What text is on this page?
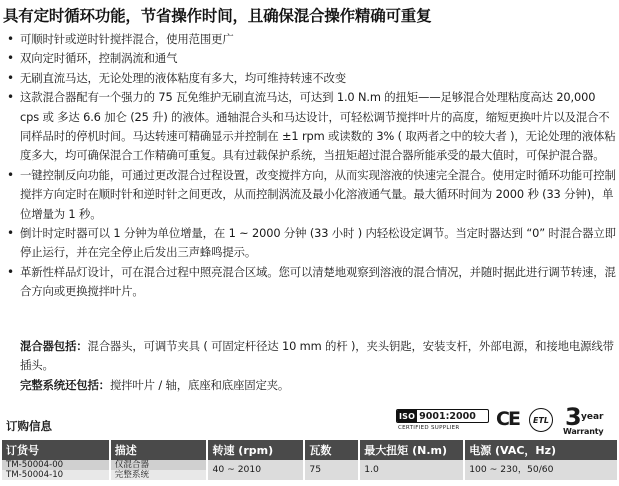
具有定时循环功能，节省操作时间，且确保混合操作精确可重复
• 可顺时针或逆时针搅拌混合，使用范围更广
• 双向定时循环，控制涡流和通气
• 无刷直流马达，无论处理的液体粘度有多大，均可维持转速不改变
• 这款混合器配有一个强力的 75 瓦免维护无刷直流马达，可达到 1.0 N.m 的扭矩——足够混合处理粘度高达 20,000 cps 或 多达 6.6 加仑 (25 升) 的液体。通轴混合头和马达设计，可轻松调节搅拌叶片的高度，缩短更换叶片以及混合不同样品时的停机时间。马达转速可精确显示并控制在 ±1 rpm 或读数的 3% ( 取两者之中的较大者 )，无论处理的液体粘度多大，均可确保混合工作精确可重复。具有过载保护系统，当扭矩超过混合器所能承受的最大值时，可保护混合器。
• 一键控制反向功能，可通过更改混合过程设置，改变搅拌方向，从而实现溶液的快速完全混合。使用定时循环功能可控制搅拌方向定时在顺时针和逆时针之间更改，从而控制涡流及最小化溶液通气量。最大循环时间为 2000 秒 (33 分钟)，单位增量为 1 秒。
• 倒计时定时器可以 1 分钟为单位增量，在 1 ~ 2000 分钟 (33 小时 ) 内轻松设定调节。当定时器达到 “0” 时混合器立即停止运行，并在完全停止后发出三声蜂鸣提示。
• 革新性样品灯设计，可在混合过程中照亮混合区域。您可以清楚地观察到溶液的混合情况，并随时据此进行调节转速，混合方向或更换搅拌叶片。
混合器包括：混合器头，可调节夹具 ( 可固定杆径达 10 mm 的杆 )，夹头钥匙，安装支杆，外部电源，和接地电源线带插头。
完整系统还包括：搅拌叶片 / 轴，底座和底座固定夹。
订购信息
ISO 9001:2000
CERTIFIED SUPPLIER CE	ETL 3 year
Warranty
订货号	描述	转速 (rpm)	瓦数	最大扭矩 (N.m)	电源 (VAC，Hz)
TM-50004-00	仅混合器	40 ~ 2010	75	1.0	100 ~ 230，50/60
TM-50004-10	完整系统				
